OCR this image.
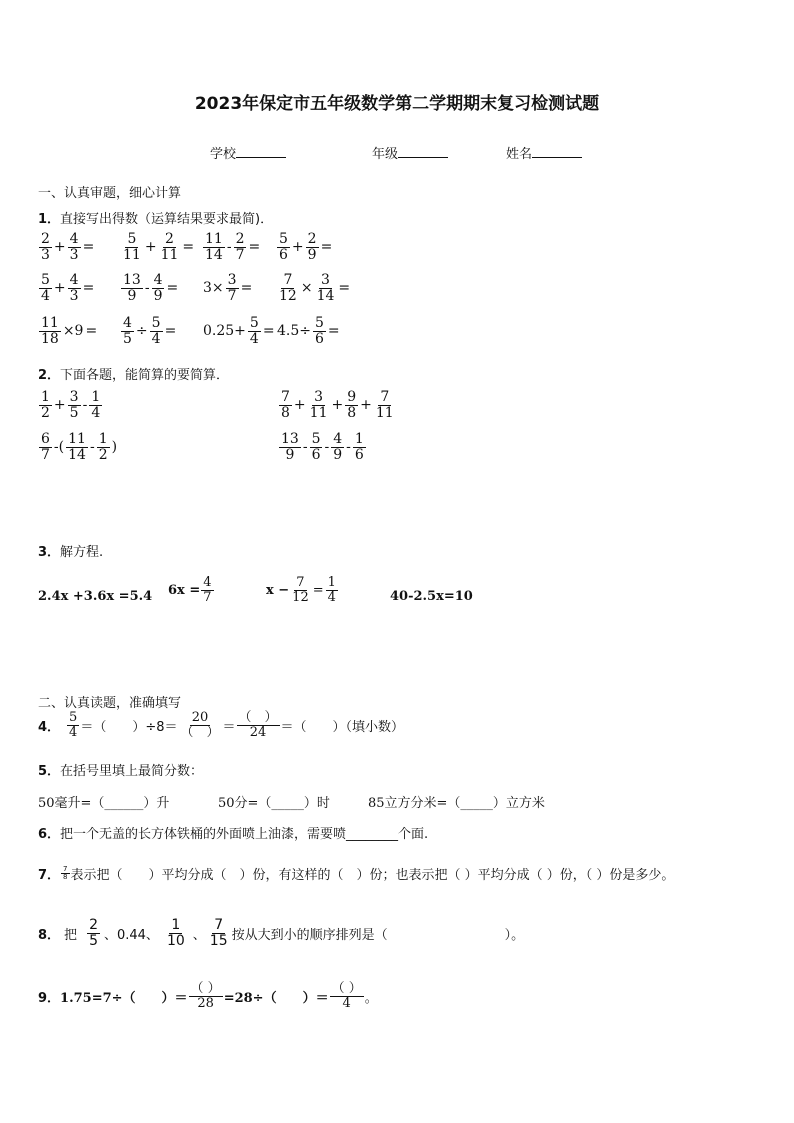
2023年保定市五年级数学第二学期期末复习检测试题
学校	年级	姓名
一、认真审题，细心计算
1．直接写出得数（运算结果要求最简)．
$\frac{2}{3} + \frac{4}{3} = \frac{5}{11} + \frac{2}{11} = \frac{11}{14} - \frac{2}{7} = \frac{5}{6} + \frac{2}{9}$ =
$\frac{5}{4} + \frac{4}{3} = \frac{13}{9} - \frac{4}{9} = 3\times \frac{3}{7} = \frac{7}{12} \times \frac{3}{14}$ =
$\frac{11}{18} \times 9 = \frac{4}{5} \div \frac{5}{4} = 0.25+ \frac{5}{4} = 4.5\div \frac{5}{6}$ =
2．下面各题，能简算的要简算．
$\frac{1}{2} + \frac{3}{5} - \frac{1}{4}$
$\frac{6}{7}$ -( $\frac{11}{14} - \frac{1}{2}$ )
$\frac{7}{8} + \frac{3}{11} + \frac{9}{8} + \frac{7}{11}$
$\frac{13}{9} - \frac{5}{6} - \frac{4}{9} - \frac{1}{6}$
3．解方程.
2.4x +3.6x =5.4 $6x = \frac{4}{7}$	$x - \frac{7}{12} = \frac{1}{4}$	40-2.5x=10
二、认真读题，准确填写
4． $\frac{5}{4}$ ＝（　　）$\div 8= \frac{20}{( )} = \frac{( )}{24}$ ＝（　　）（填小数）
5．在括号里填上最简分数：
50毫升=（______）升	50分=（_____）时	85立方分米=（_____）立方米
6．把一个无盖的长方体铁桶的外面喷上油漆，需要喷________个面.
7． $\frac{7}{8}$ 表示把（　　）平均分成（　）份，有这样的（　）份；也表示把（ ）平均分成（ ）份，（ ）份是多少。
8． 把 $\frac{2}{5}$ 、0.44、 $\frac{1}{10}$ 、 $\frac{7}{15}$ 按从大到小的顺序排列是（　　　　　　　　　）。
9． 1.75=7÷（　　）＝ $\frac{( )}{28} =28\div$（　　）＝ $\frac{( )}{4}$ 。
